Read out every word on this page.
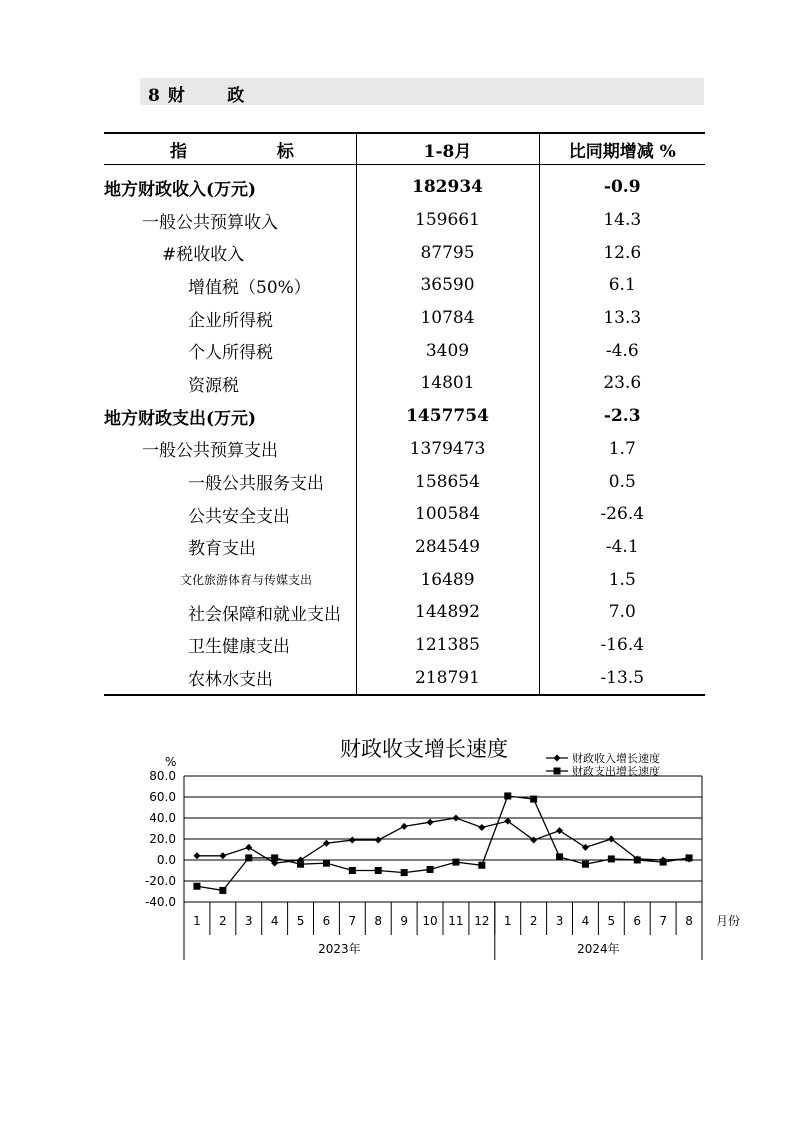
8 财      政
指 标	1-8月	比同期增减 %
地方财政收入(万元)	182934	-0.9
一般公共预算收入	159661	14.3
#税收收入	87795	12.6
增值税（50%）	36590	6.1
企业所得税	10784	13.3
个人所得税	3409	-4.6
资源税	14801	23.6
地方财政支出(万元)	1457754	-2.3
一般公共预算支出	1379473	1.7
一般公共服务支出	158654	0.5
公共安全支出	100584	-26.4
教育支出	284549	-4.1
文化旅游体育与传媒支出	16489	1.5
社会保障和就业支出	144892	7.0
卫生健康支出	121385	-16.4
农林水支出	218791	-13.5
财政收支增长速度
%
80.0
60.0
40.0
20.0
0.0
-20.0
-40.0
1 2 3 4 5 6 7 8 9 10 11 12 1 2 3 4 5 6 7 8
2023年	2024年
月份
财政收入增长速度
财政支出增长速度
